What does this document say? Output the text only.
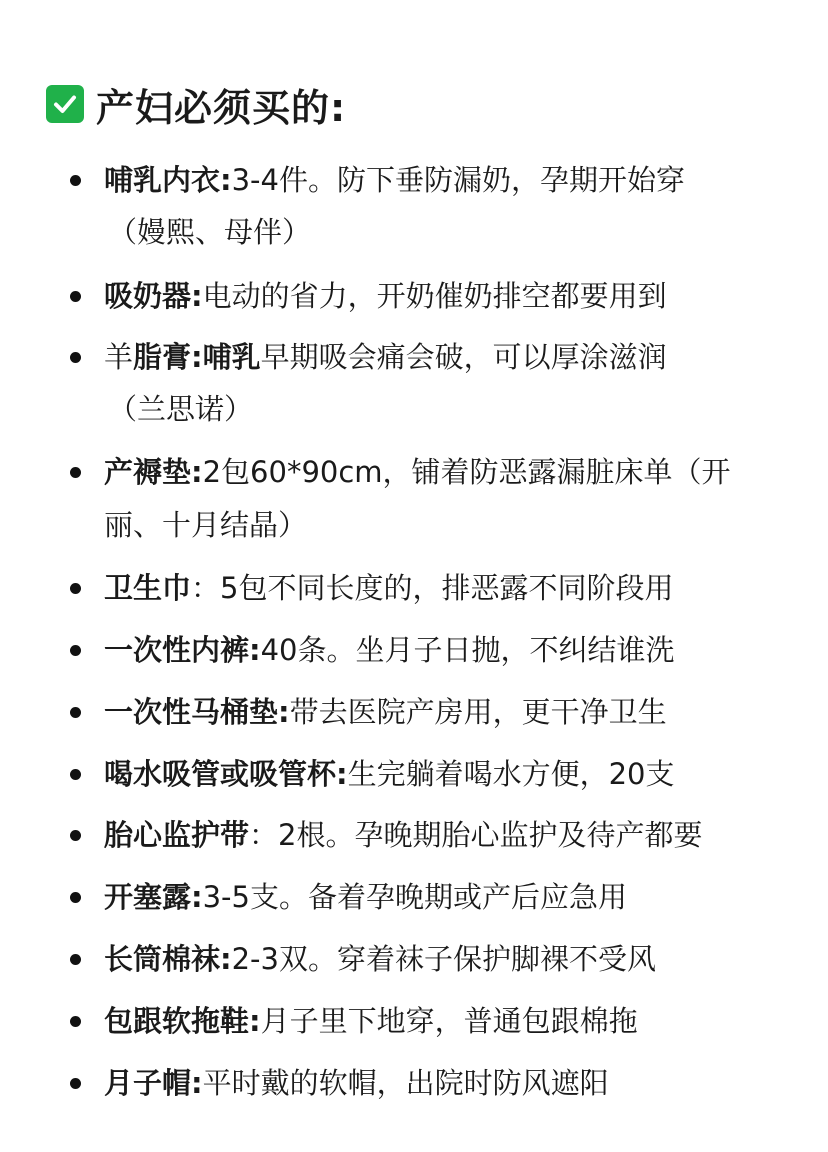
产妇必须买的:
哺乳内衣:3-4件。防下垂防漏奶，孕期开始穿
（嫚熙、母伴）
吸奶器:电动的省力，开奶催奶排空都要用到
羊脂膏:哺乳早期吸会痛会破，可以厚涂滋润
（兰思诺）
产褥垫:2包60*90cm，铺着防恶露漏脏床单（开
丽、十月结晶）
卫生巾：5包不同长度的，排恶露不同阶段用
一次性内裤:40条。坐月子日抛，不纠结谁洗
一次性马桶垫:带去医院产房用，更干净卫生
喝水吸管或吸管杯:生完躺着喝水方便，20支
胎心监护带：2根。孕晚期胎心监护及待产都要
开塞露:3-5支。备着孕晚期或产后应急用
长筒棉袜:2-3双。穿着袜子保护脚裸不受风
包跟软拖鞋:月子里下地穿，普通包跟棉拖
月子帽:平时戴的软帽，出院时防风遮阳
